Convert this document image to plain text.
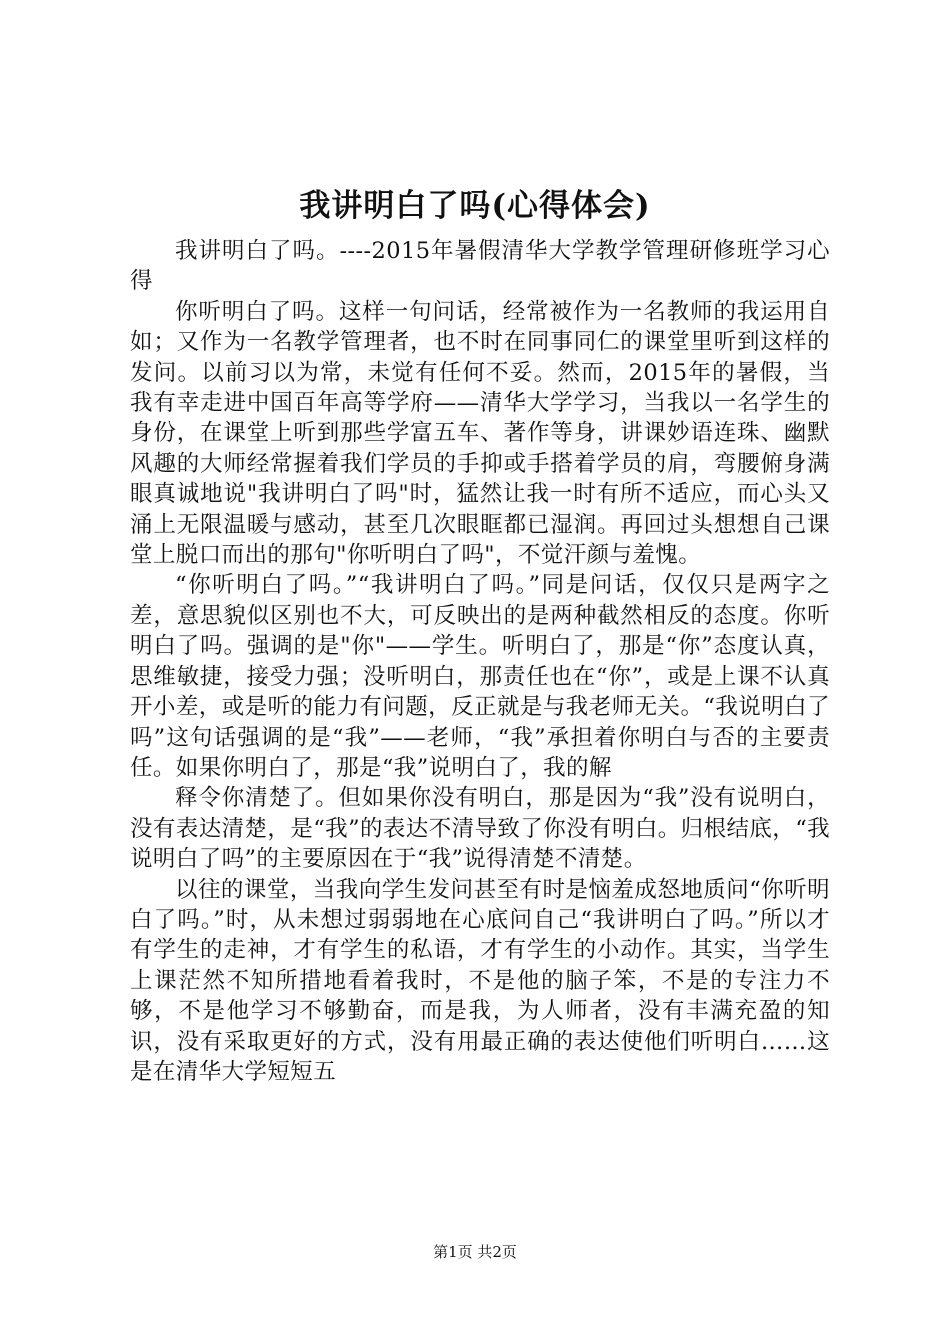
我讲明白了吗(心得体会)

我讲明白了吗。----2015年暑假清华大学教学管理研修班学习心得

你听明白了吗。这样一句问话，经常被作为一名教师的我运用自如；又作为一名教学管理者，也不时在同事同仁的课堂里听到这样的发问。以前习以为常，未觉有任何不妥。然而，2015年的暑假，当我有幸走进中国百年高等学府——清华大学学习，当我以一名学生的身份，在课堂上听到那些学富五车、著作等身，讲课妙语连珠、幽默风趣的大师经常握着我们学员的手抑或手搭着学员的肩，弯腰俯身满眼真诚地说"我讲明白了吗"时，猛然让我一时有所不适应，而心头又涌上无限温暖与感动，甚至几次眼眶都已湿润。再回过头想想自己课堂上脱口而出的那句"你听明白了吗"，不觉汗颜与羞愧。

“你听明白了吗。”“我讲明白了吗。”同是问话，仅仅只是两字之差，意思貌似区别也不大，可反映出的是两种截然相反的态度。你听明白了吗。强调的是"你"——学生。听明白了，那是“你”态度认真，思维敏捷，接受力强；没听明白，那责任也在“你”，或是上课不认真开小差，或是听的能力有问题，反正就是与我老师无关。“我说明白了吗”这句话强调的是“我”——老师，“我”承担着你明白与否的主要责任。如果你明白了，那是“我”说明白了，我的解

释令你清楚了。但如果你没有明白，那是因为“我”没有说明白，没有表达清楚，是“我”的表达不清导致了你没有明白。归根结底，“我说明白了吗”的主要原因在于“我”说得清楚不清楚。

以往的课堂，当我向学生发问甚至有时是恼羞成怒地质问“你听明白了吗。”时，从未想过弱弱地在心底问自己“我讲明白了吗。”所以才有学生的走神，才有学生的私语，才有学生的小动作。其实，当学生上课茫然不知所措地看着我时，不是他的脑子笨，不是的专注力不够，不是他学习不够勤奋，而是我，为人师者，没有丰满充盈的知识，没有采取更好的方式，没有用最正确的表达使他们听明白……这是在清华大学短短五

第1页 共2页
